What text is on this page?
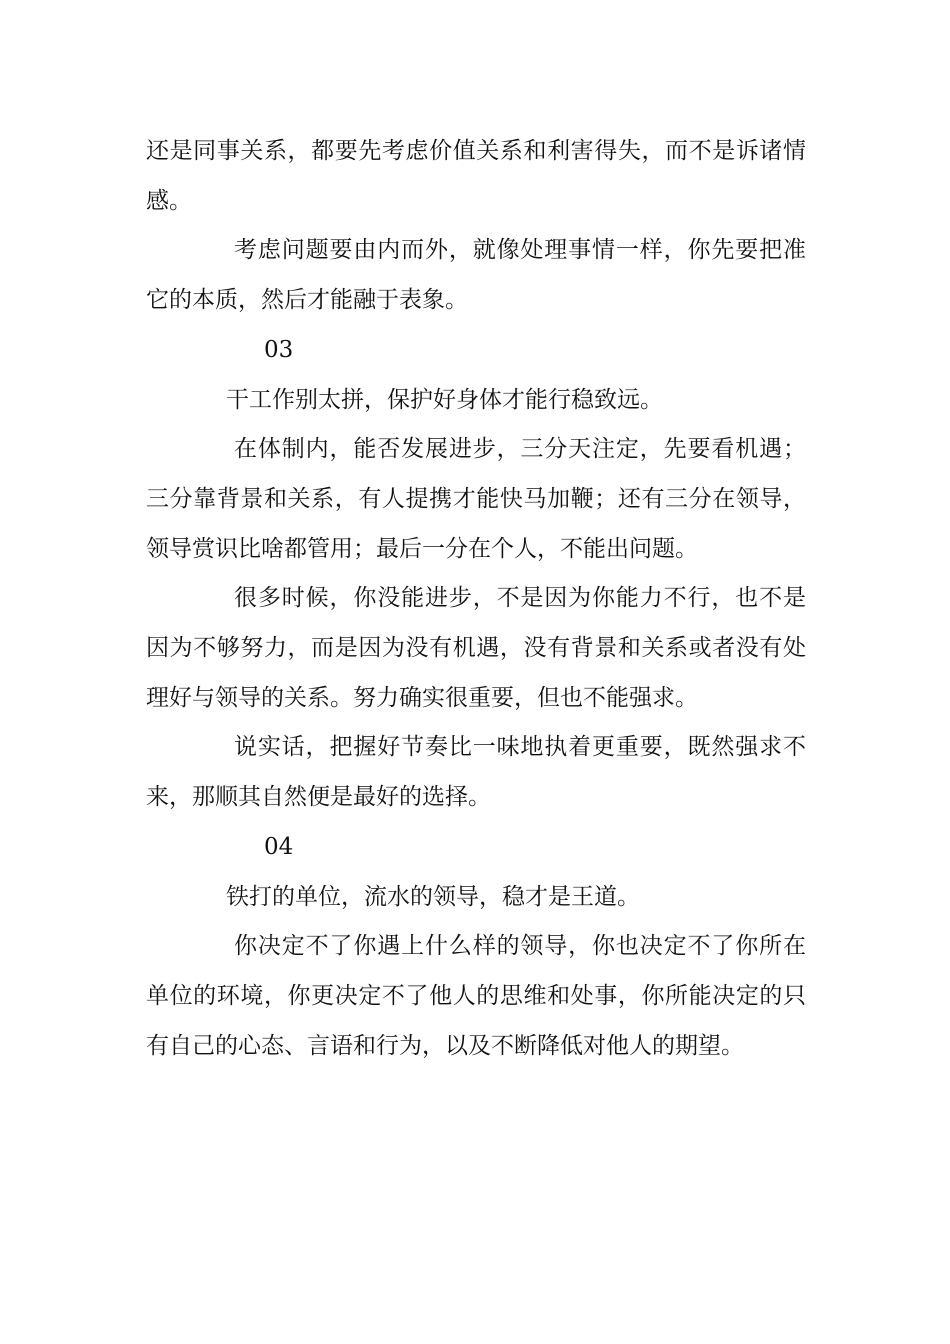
还是同事关系，都要先考虑价值关系和利害得失，而不是诉诸情感。

考虑问题要由内而外，就像处理事情一样，你先要把准它的本质，然后才能融于表象。

03

干工作别太拼，保护好身体才能行稳致远。

在体制内，能否发展进步，三分天注定，先要看机遇；三分靠背景和关系，有人提携才能快马加鞭；还有三分在领导，领导赏识比啥都管用；最后一分在个人，不能出问题。

很多时候，你没能进步，不是因为你能力不行，也不是因为不够努力，而是因为没有机遇，没有背景和关系或者没有处理好与领导的关系。努力确实很重要，但也不能强求。

说实话，把握好节奏比一味地执着更重要，既然强求不来，那顺其自然便是最好的选择。

04

铁打的单位，流水的领导，稳才是王道。

你决定不了你遇上什么样的领导，你也决定不了你所在单位的环境，你更决定不了他人的思维和处事，你所能决定的只有自己的心态、言语和行为，以及不断降低对他人的期望。
